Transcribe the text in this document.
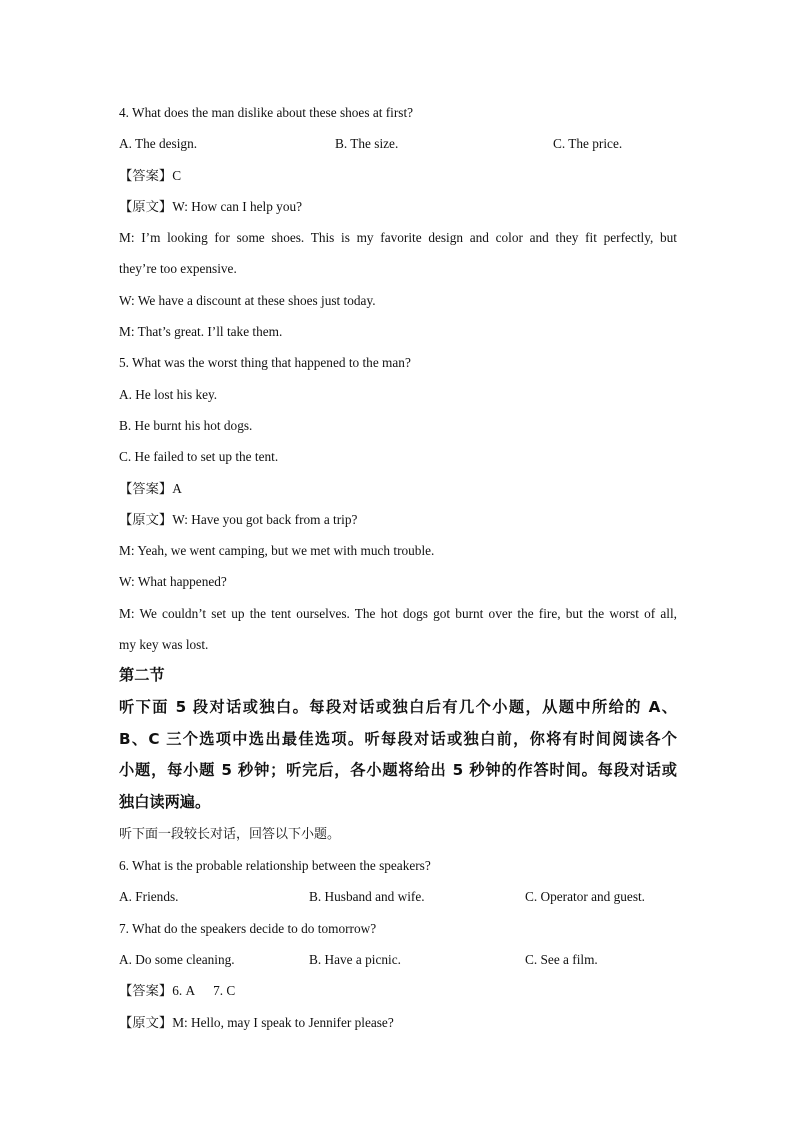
4. What does the man dislike about these shoes at first?
A. The design.	B. The size.	C. The price.
【答案】C
【原文】W: How can I help you?
M: I’m looking for some shoes. This is my favorite design and color and they fit perfectly, but
they’re too expensive.
W: We have a discount at these shoes just today.
M: That’s great. I’ll take them.
5. What was the worst thing that happened to the man?
A. He lost his key.
B. He burnt his hot dogs.
C. He failed to set up the tent.
【答案】A
【原文】W: Have you got back from a trip?
M: Yeah, we went camping, but we met with much trouble.
W: What happened?
M: We couldn’t set up the tent ourselves. The hot dogs got burnt over the fire, but the worst of all,
my key was lost.
第二节
听下面 5 段对话或独白。每段对话或独白后有几个小题，从题中所给的 A、
B、C 三个选项中选出最佳选项。听每段对话或独白前，你将有时间阅读各个
小题，每小题 5 秒钟；听完后，各小题将给出 5 秒钟的作答时间。每段对话或
独白读两遍。
听下面一段较长对话，回答以下小题。
6. What is the probable relationship between the speakers?
A. Friends.	B. Husband and wife.	C. Operator and guest.
7. What do the speakers decide to do tomorrow?
A. Do some cleaning.	B. Have a picnic.	C. See a film.
【答案】6. A 7. C
【原文】M: Hello, may I speak to Jennifer please?
